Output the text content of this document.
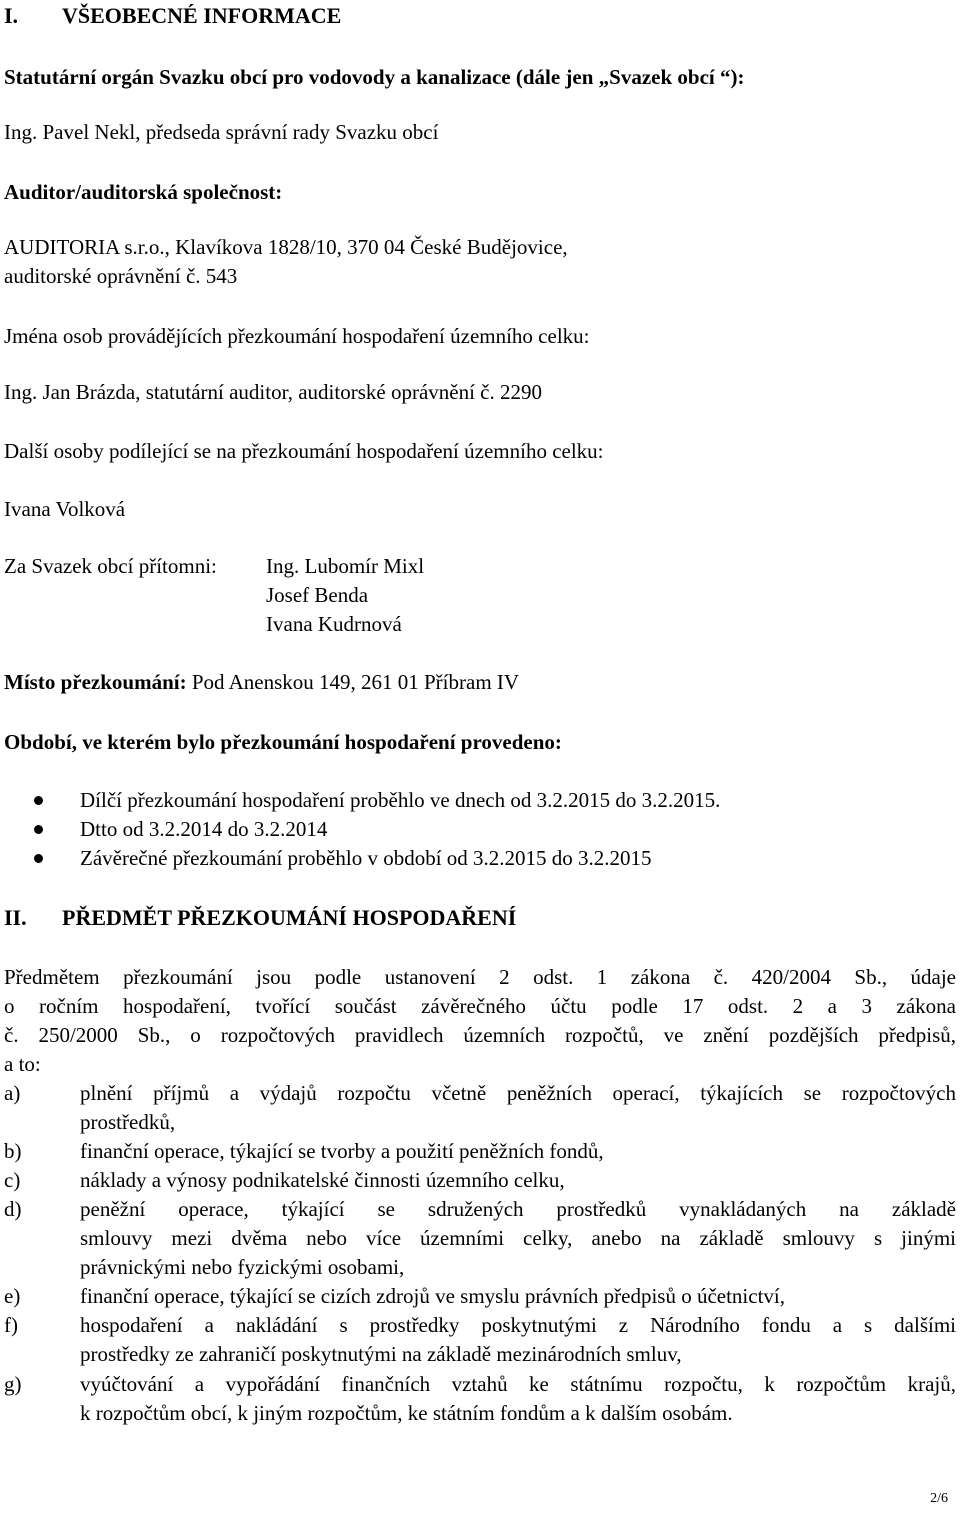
I. VŠEOBECNÉ INFORMACE
Statutární orgán Svazku obcí pro vodovody a kanalizace (dále jen „Svazek obcí “):
Ing. Pavel Nekl, předseda správní rady Svazku obcí
Auditor/auditorská společnost:
AUDITORIA s.r.o., Klavíkova 1828/10, 370 04 České Budějovice,
auditorské oprávnění č. 543
Jména osob provádějících přezkoumání hospodaření územního celku:
Ing. Jan Brázda, statutární auditor, auditorské oprávnění č. 2290
Další osoby podílející se na přezkoumání hospodaření územního celku:
Ivana Volková
Za Svazek obcí přítomni: Ing. Lubomír Mixl
Josef Benda
Ivana Kudrnová
Místo přezkoumání: Pod Anenskou 149, 261 01 Příbram IV
Období, ve kterém bylo přezkoumání hospodaření provedeno:
Dílčí přezkoumání hospodaření proběhlo ve dnech od 3.2.2015 do 3.2.2015.
Dtto od 3.2.2014 do 3.2.2014
Závěrečné přezkoumání proběhlo v období od 3.2.2015 do 3.2.2015
II. PŘEDMĚT PŘEZKOUMÁNÍ HOSPODAŘENÍ
Předmětem přezkoumání jsou podle ustanovení 2 odst. 1 zákona č. 420/2004 Sb., údaje
o ročním hospodaření, tvořící součást závěrečného účtu podle 17 odst. 2 a 3 zákona
č. 250/2000 Sb., o rozpočtových pravidlech územních rozpočtů, ve znění pozdějších předpisů,
a to:
a)	plnění příjmů a výdajů rozpočtu včetně peněžních operací, týkajících se rozpočtových
prostředků,
b)	finanční operace, týkající se tvorby a použití peněžních fondů,
c)	náklady a výnosy podnikatelské činnosti územního celku,
d)	peněžní operace, týkající se sdružených prostředků vynakládaných na základě
smlouvy mezi dvěma nebo více územními celky, anebo na základě smlouvy s jinými
právnickými nebo fyzickými osobami,
e)	finanční operace, týkající se cizích zdrojů ve smyslu právních předpisů o účetnictví,
f)	hospodaření a nakládání s prostředky poskytnutými z Národního fondu a s dalšími
prostředky ze zahraničí poskytnutými na základě mezinárodních smluv,
g)	vyúčtování a vypořádání finančních vztahů ke státnímu rozpočtu, k rozpočtům krajů,
k rozpočtům obcí, k jiným rozpočtům, ke státním fondům a k dalším osobám.
2/6
